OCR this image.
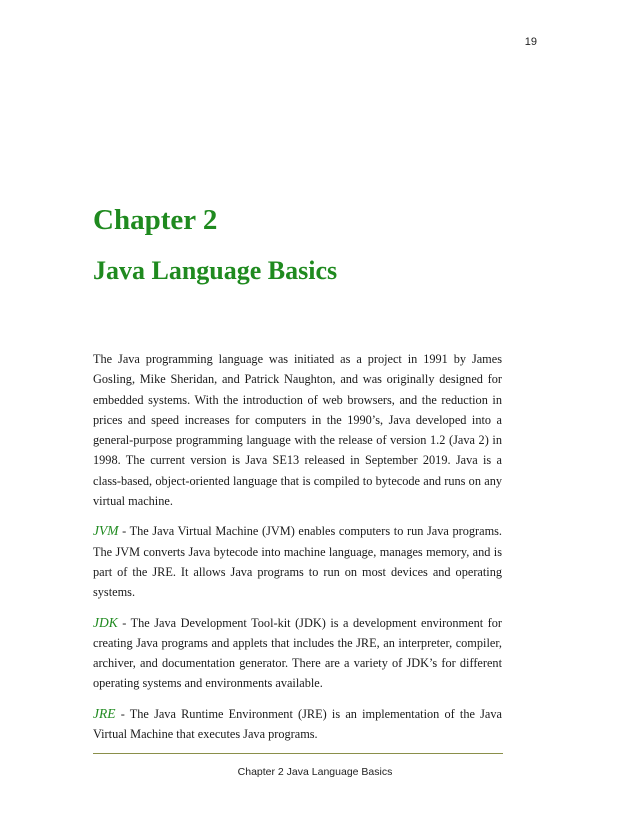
19
Chapter 2
Java Language Basics

The Java programming language was initiated as a project in 1991 by James Gosling, Mike Sheridan, and Patrick Naughton, and was originally designed for embedded systems. With the introduction of web browsers, and the reduction in prices and speed increases for computers in the 1990’s, Java developed into a general-purpose programming language with the release of version 1.2 (Java 2) in 1998. The current version is Java SE13 released in September 2019. Java is a class-based, object-oriented language that is compiled to bytecode and runs on any virtual machine.

JVM - The Java Virtual Machine (JVM) enables computers to run Java programs. The JVM converts Java bytecode into machine language, manages memory, and is part of the JRE. It allows Java programs to run on most devices and operating systems.

JDK - The Java Development Tool-kit (JDK) is a development environment for creating Java programs and applets that includes the JRE, an interpreter, compiler, archiver, and documentation generator. There are a variety of JDK’s for different operating systems and environments available.

JRE - The Java Runtime Environment (JRE) is an implementation of the Java Virtual Machine that executes Java programs.

Chapter 2 Java Language Basics
